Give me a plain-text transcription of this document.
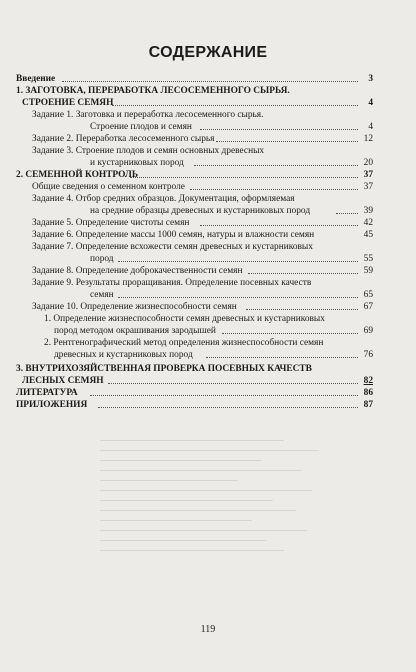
СОДЕРЖАНИЕ
Введение	3
1. ЗАГОТОВКА, ПЕРЕРАБОТКА ЛЕСОСЕМЕННОГО СЫРЬЯ.
СТРОЕНИЕ СЕМЯН	4
Задание 1. Заготовка и переработка лесосеменного сырья.
Строение плодов и семян	4
Задание 2. Переработка лесосеменного сырья	12
Задание 3. Строение плодов и семян основных древесных
и кустарниковых пород	20
2. СЕМЕННОЙ КОНТРОЛЬ	37
Общие сведения о семенном контроле	37
Задание 4. Отбор средних образцов. Документация, оформляемая
на средние образцы древесных и кустарниковых пород	39
Задание 5. Определение чистоты семян	42
Задание 6. Определение массы 1000 семян, натуры и влажности семян	45
Задание 7. Определение всхожести семян древесных и кустарниковых
пород	55
Задание 8. Определение доброкачественности семян	59
Задание 9. Результаты проращивания. Определение посевных качеств
семян	65
Задание 10. Определение жизнеспособности семян	67
1. Определение жизнеспособности семян древесных и кустарниковых
пород методом окрашивания зародышей	69
2. Рентгенографический метод определения жизнеспособности семян
древесных и кустарниковых пород	76
3. ВНУТРИХОЗЯЙСТВЕННАЯ ПРОВЕРКА ПОСЕВНЫХ КАЧЕСТВ
ЛЕСНЫХ СЕМЯН	82
ЛИТЕРАТУРА	86
ПРИЛОЖЕНИЯ	87
119
